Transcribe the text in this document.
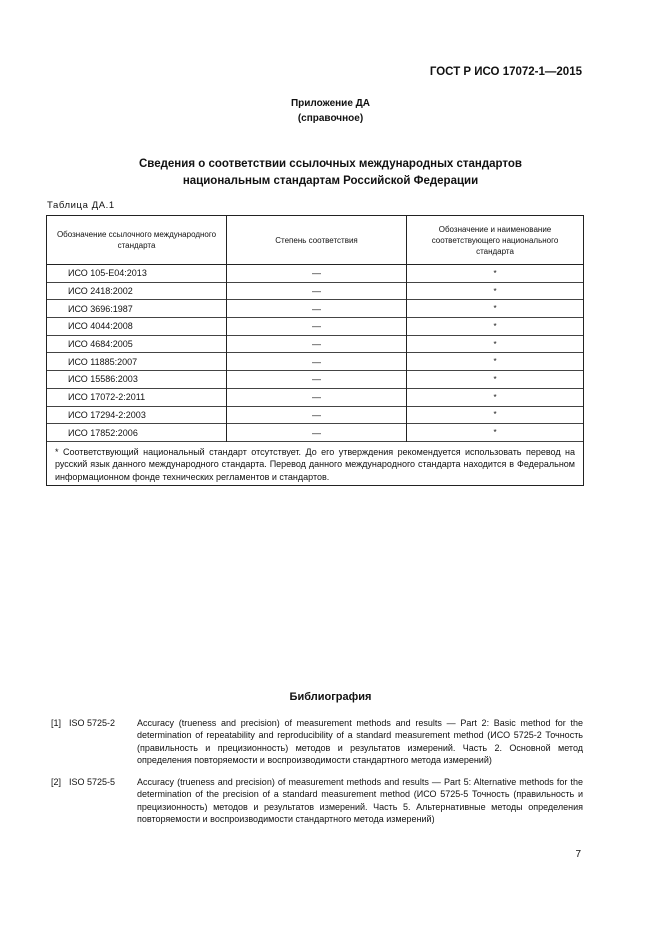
ГОСТ Р ИСО 17072-1—2015
Приложение ДА
(справочное)
Сведения о соответствии ссылочных международных стандартов
национальным стандартам Российской Федерации
Таблица ДА.1
Обозначение ссылочного международного стандарта	Степень соответствия	Обозначение и наименование соответствующего национального стандарта
ИСО 105-E04:2013	—	*
ИСО 2418:2002	—	*
ИСО 3696:1987	—	*
ИСО 4044:2008	—	*
ИСО 4684:2005	—	*
ИСО 11885:2007	—	*
ИСО 15586:2003	—	*
ИСО 17072-2:2011	—	*
ИСО 17294-2:2003	—	*
ИСО 17852:2006	—	*
* Соответствующий национальный стандарт отсутствует. До его утверждения рекомендуется использовать перевод на русский язык данного международного стандарта. Перевод данного международного стандарта находится в Федеральном информационном фонде технических регламентов и стандартов.		
Библиография
[1] ISO 5725-2 Accuracy (trueness and precision) of measurement methods and results — Part 2: Basic method for the determination of repeatability and reproducibility of a standard measurement method (ИСО 5725-2 Точность (правильность и прецизионность) методов и результатов измерений. Часть 2. Основной метод определения повторяемости и воспроизводимости стандартного метода измерений)
[2] ISO 5725-5 Accuracy (trueness and precision) of measurement methods and results — Part 5: Alternative methods for the determination of the precision of a standard measurement method (ИСО 5725-5 Точность (правильность и прецизионность) методов и результатов измерений. Часть 5. Альтернативные методы определения повторяемости и воспроизводимости стандартного метода измерений)
7
